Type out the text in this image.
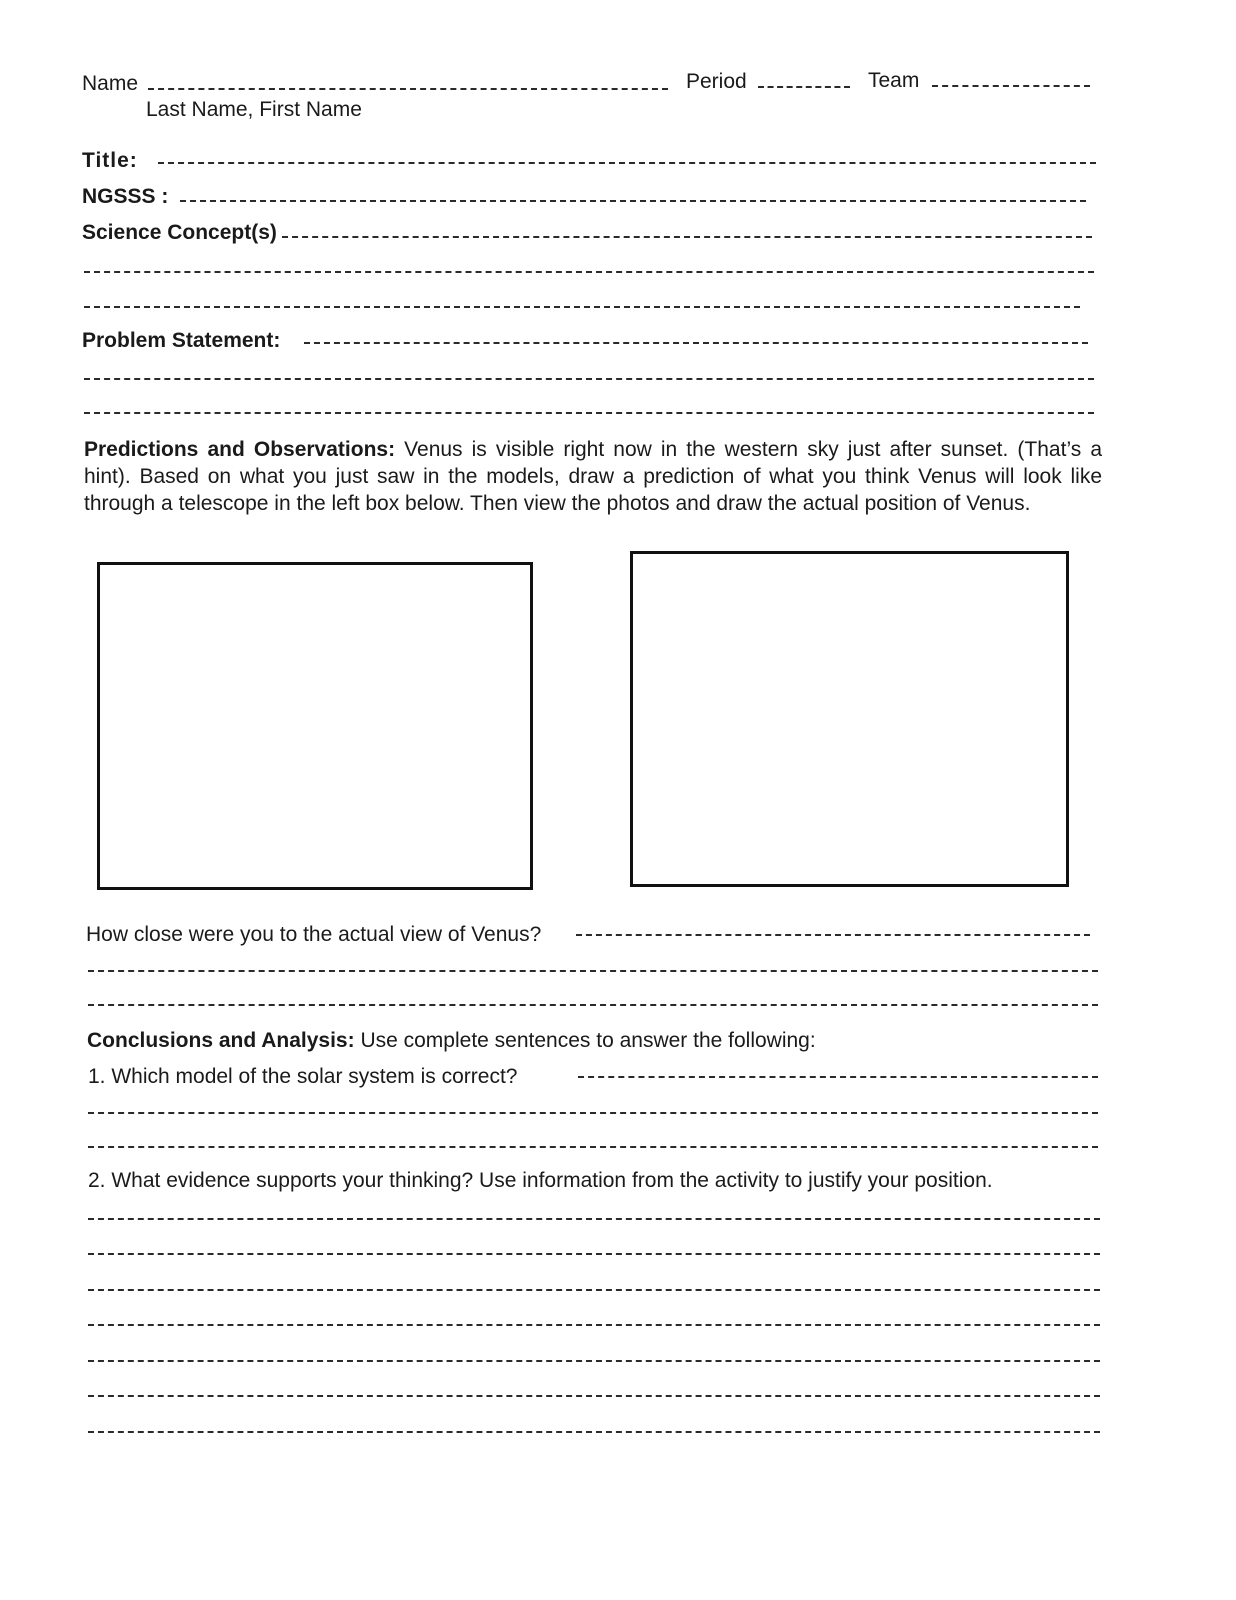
Name
Last Name, First Name
Period	Team
Title:
NGSSS :
Science Concept(s)
Problem Statement:
Predictions and Observations: Venus is visible right now in the western sky just after sunset. (That’s a hint). Based on what you just saw in the models, draw a prediction of what you think Venus will look like through a telescope in the left box below. Then view the photos and draw the actual position of Venus.
How close were you to the actual view of Venus?
Conclusions and Analysis: Use complete sentences to answer the following:
1. Which model of the solar system is correct?
2. What evidence supports your thinking? Use information from the activity to justify your position.
